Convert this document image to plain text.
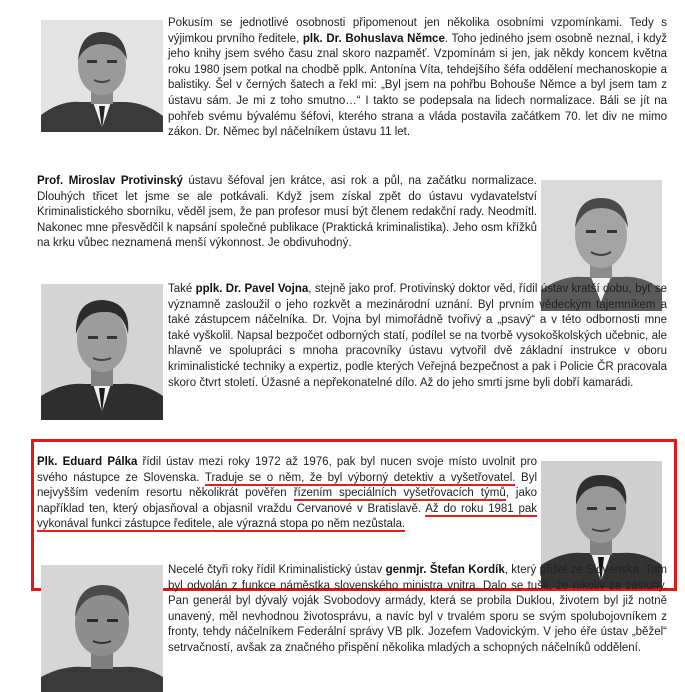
Pokusím se jednotlivé osobnosti připomenout jen několika osobními vzpomínkami. Tedy s výjimkou prvního ředitele, plk. Dr. Bohuslava Němce. Toho jediného jsem osobně neznal, i když jeho knihy jsem svého času znal skoro nazpaměť. Vzpomínám si jen, jak někdy koncem května roku 1980 jsem potkal na chodbě pplk. Antonína Víta, tehdejšího šéfa oddělení mechanoskopie a balistiky. Šel v černých šatech a řekl mi: „Byl jsem na pohřbu Bohouše Němce a byl jsem tam z ústavu sám. Je mi z toho smutno…“ I takto se podepsala na lidech normalizace. Báli se jít na pohřeb svému bývalému šéfovi, kterého strana a vláda postavila začátkem 70. let div ne mimo zákon. Dr. Němec byl náčelníkem ústavu 11 let.
Prof. Miroslav Protivinský ústavu šéfoval jen krátce, asi rok a půl, na začátku normalizace. Dlouhých třicet let jsme se ale potkávali. Když jsem získal zpět do ústavu vydavatelství Kriminalistického sborníku, věděl jsem, že pan profesor musí být členem redakční rady. Neodmítl. Nakonec mne přesvědčil k napsání společné publikace (Praktická kriminalistika). Jeho osm křížků na krku vůbec neznamená menší výkonnost. Je obdivuhodný.
Také pplk. Dr. Pavel Vojna, stejně jako prof. Protivinský doktor věd, řídil ústav kratší dobu, byť se významně zasloužil o jeho rozkvět a mezinárodní uznání. Byl prvním vědeckým tajemníkem a také zástupcem náčelníka. Dr. Vojna byl mimořádně tvořivý a „psavý“ a v této odbornosti mne také vyškolil. Napsal bezpočet odborných statí, podílel se na tvorbě vysokoškolských učebnic, ale hlavně ve spolupráci s mnoha pracovníky ústavu vytvořil dvě základní instrukce v oboru kriminalistické techniky a expertiz, podle kterých Veřejná bezpečnost a pak i Policie ČR pracovala skoro čtvrt století. Úžasné a nepřekonatelné dílo. Až do jeho smrti jsme byli dobří kamarádi.
Plk. Eduard Pálka řídil ústav mezi roky 1972 až 1976, pak byl nucen svoje místo uvolnit pro svého nástupce ze Slovenska. Traduje se o něm, že byl výborný detektiv a vyšetřovatel. Byl nejvyšším vedením resortu několikrát pověřen řízením speciálních vyšetřovacích týmů, jako například ten, který objasňoval a objasnil vraždu Cervanové v Bratislavě. Až do roku 1981 pak vykonával funkci zástupce ředitele, ale výrazná stopa po něm nezůstala.
Necelé čtyři roky řídil Kriminalistický ústav genmjr. Štefan Kordík, který přišel ze Slovenska. Tam byl odvolán z funkce náměstka slovenského ministra vnitra. Dalo se tušit, že nikoliv za zásluhy. Pan generál byl dývalý voják Svobodovy armády, která se probila Duklou, životem byl již notně unavený, měl nevhodnou životosprávu, a navíc byl v trvalém sporu se svým spolubojovníkem z fronty, tehdy náčelníkem Federální správy VB plk. Jozefem Vadovickým. V jeho éře ústav „běžel“ setrvačností, avšak za značného přispění několika mladých a schopných náčelníků oddělení.
